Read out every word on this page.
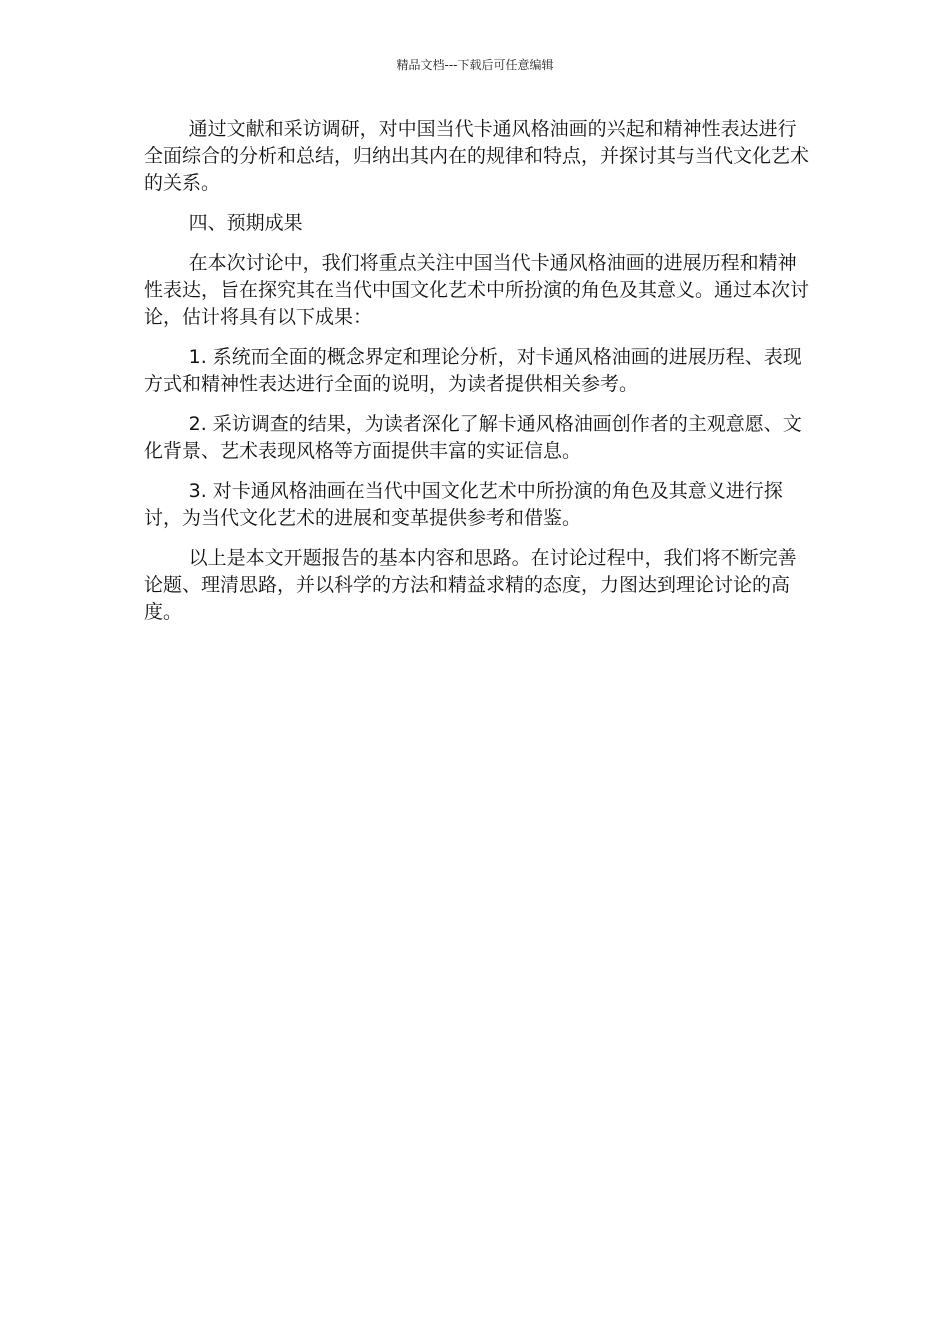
精品文档---下载后可任意编辑

通过文献和采访调研，对中国当代卡通风格油画的兴起和精神性表达进行全面综合的分析和总结，归纳出其内在的规律和特点，并探讨其与当代文化艺术的关系。

四、预期成果

在本次讨论中，我们将重点关注中国当代卡通风格油画的进展历程和精神性表达，旨在探究其在当代中国文化艺术中所扮演的角色及其意义。通过本次讨论，估计将具有以下成果：

1. 系统而全面的概念界定和理论分析，对卡通风格油画的进展历程、表现方式和精神性表达进行全面的说明，为读者提供相关参考。

2. 采访调查的结果，为读者深化了解卡通风格油画创作者的主观意愿、文化背景、艺术表现风格等方面提供丰富的实证信息。

3. 对卡通风格油画在当代中国文化艺术中所扮演的角色及其意义进行探讨，为当代文化艺术的进展和变革提供参考和借鉴。

以上是本文开题报告的基本内容和思路。在讨论过程中，我们将不断完善论题、理清思路，并以科学的方法和精益求精的态度，力图达到理论讨论的高度。
